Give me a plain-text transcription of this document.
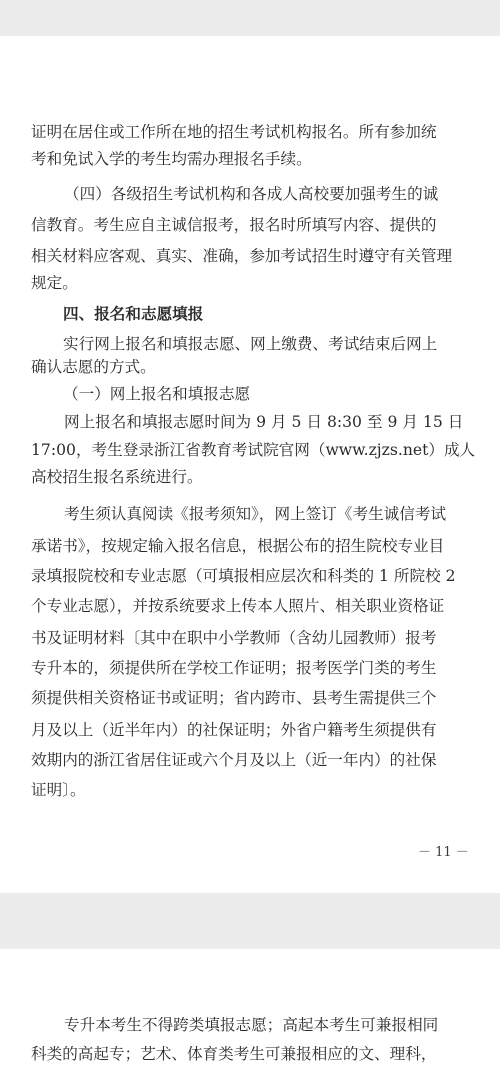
证明在居住或工作所在地的招生考试机构报名。所有参加统
考和免试入学的考生均需办理报名手续。
（四）各级招生考试机构和各成人高校要加强考生的诚
信教育。考生应自主诚信报考，报名时所填写内容、提供的
相关材料应客观、真实、准确，参加考试招生时遵守有关管理
规定。
四、报名和志愿填报
实行网上报名和填报志愿、网上缴费、考试结束后网上
确认志愿的方式。
（一）网上报名和填报志愿
网上报名和填报志愿时间为 9 月 5 日 8:30 至 9 月 15 日
17:00，考生登录浙江省教育考试院官网（www.zjzs.net）成人
高校招生报名系统进行。
考生须认真阅读《报考须知》，网上签订《考生诚信考试
承诺书》，按规定输入报名信息，根据公布的招生院校专业目
录填报院校和专业志愿（可填报相应层次和科类的 1 所院校 2
个专业志愿），并按系统要求上传本人照片、相关职业资格证
书及证明材料〔其中在职中小学教师（含幼儿园教师）报考
专升本的，须提供所在学校工作证明；报考医学门类的考生
须提供相关资格证书或证明；省内跨市、县考生需提供三个
月及以上（近半年内）的社保证明；外省户籍考生须提供有
效期内的浙江省居住证或六个月及以上（近一年内）的社保
证明〕。
－ 11 －
专升本考生不得跨类填报志愿；高起本考生可兼报相同
科类的高起专；艺术、体育类考生可兼报相应的文、理科，
